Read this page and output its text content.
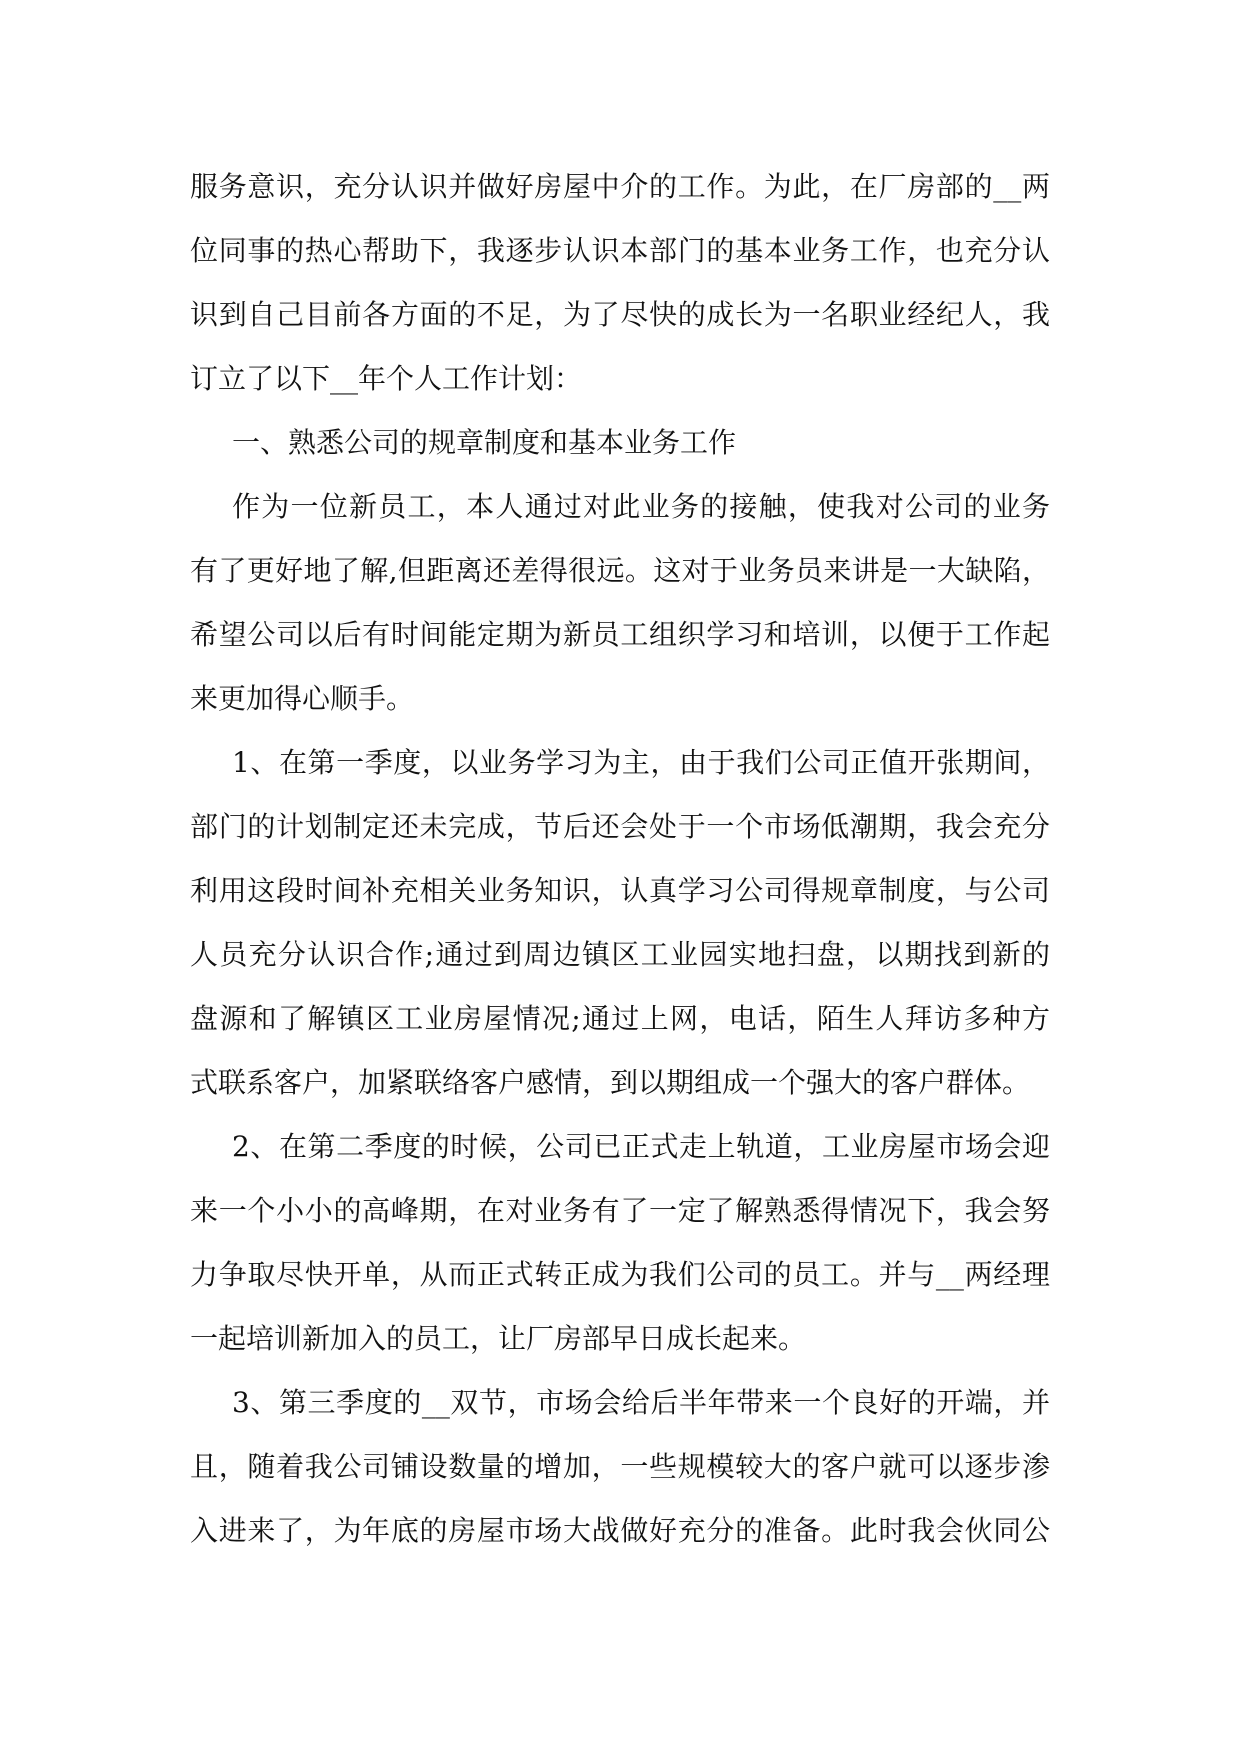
服务意识，充分认识并做好房屋中介的工作。为此，在厂房部的__两
位同事的热心帮助下，我逐步认识本部门的基本业务工作，也充分认
识到自己目前各方面的不足，为了尽快的成长为一名职业经纪人，我
订立了以下__年个人工作计划：
一、熟悉公司的规章制度和基本业务工作
作为一位新员工，本人通过对此业务的接触，使我对公司的业务
有了更好地了解,但距离还差得很远。这对于业务员来讲是一大缺陷，
希望公司以后有时间能定期为新员工组织学习和培训，以便于工作起
来更加得心顺手。
1、在第一季度，以业务学习为主，由于我们公司正值开张期间，
部门的计划制定还未完成，节后还会处于一个市场低潮期，我会充分
利用这段时间补充相关业务知识，认真学习公司得规章制度，与公司
人员充分认识合作;通过到周边镇区工业园实地扫盘，以期找到新的
盘源和了解镇区工业房屋情况;通过上网，电话，陌生人拜访多种方
式联系客户，加紧联络客户感情，到以期组成一个强大的客户群体。
2、在第二季度的时候，公司已正式走上轨道，工业房屋市场会迎
来一个小小的高峰期，在对业务有了一定了解熟悉得情况下，我会努
力争取尽快开单，从而正式转正成为我们公司的员工。并与__两经理
一起培训新加入的员工，让厂房部早日成长起来。
3、第三季度的__双节，市场会给后半年带来一个良好的开端，并
且，随着我公司铺设数量的增加，一些规模较大的客户就可以逐步渗
入进来了，为年底的房屋市场大战做好充分的准备。此时我会伙同公
